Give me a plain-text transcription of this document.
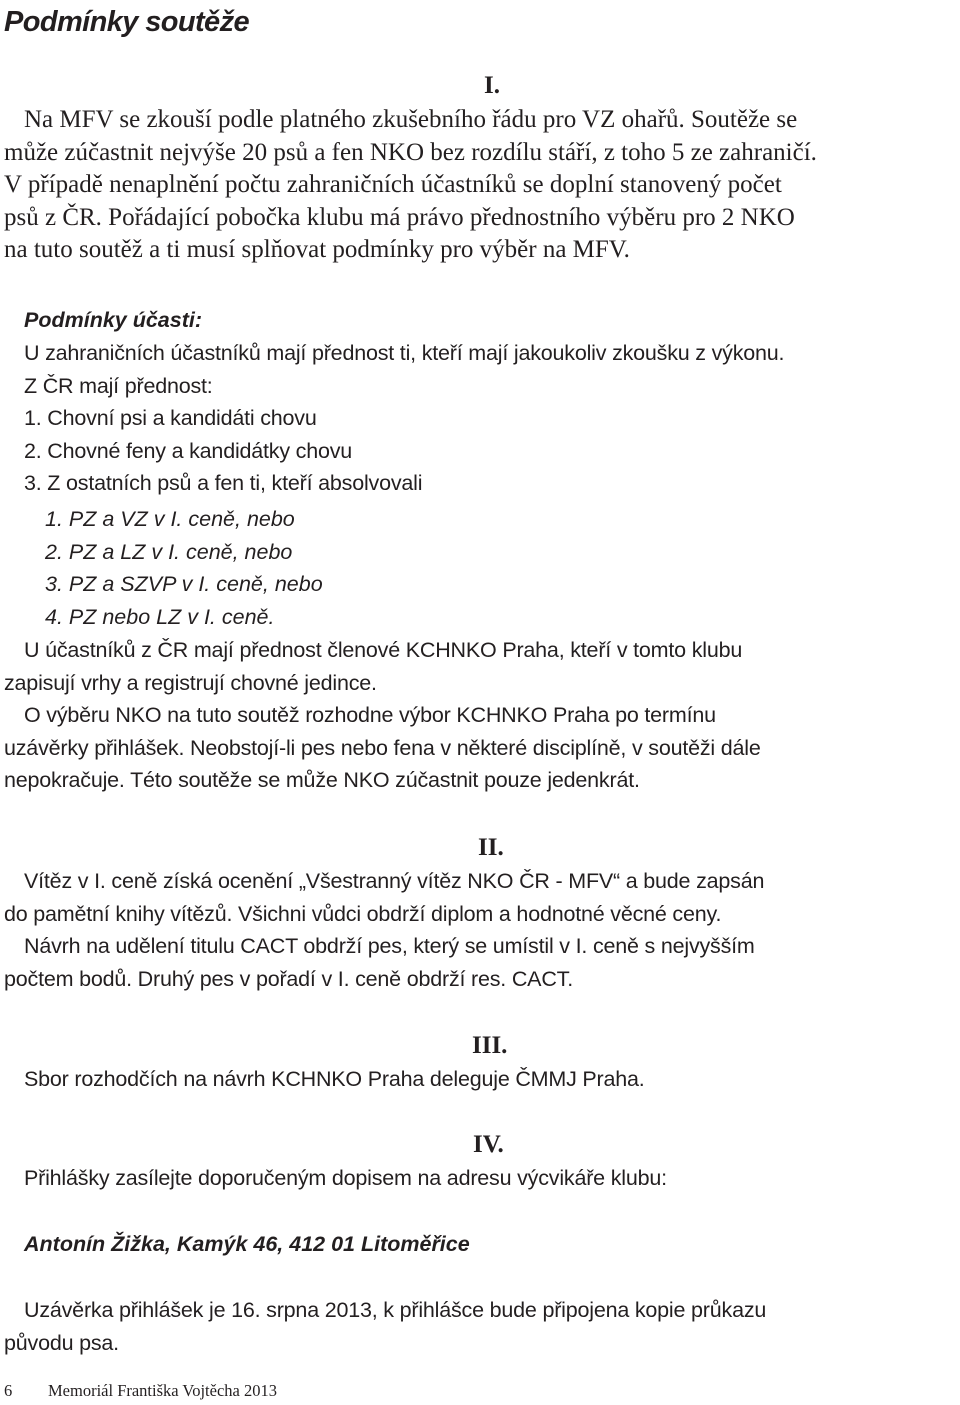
Podmínky soutěže
I.
Na MFV se zkouší podle platného zkušebního řádu pro VZ ohařů. Soutěže se
může zúčastnit nejvýše 20 psů a fen NKO bez rozdílu stáří, z toho 5 ze zahraničí.
V případě nenaplnění počtu zahraničních účastníků se doplní stanovený počet
psů z ČR. Pořádající pobočka klubu má právo přednostního výběru pro 2 NKO
na tuto soutěž a ti musí splňovat podmínky pro výběr na MFV.
Podmínky účasti:
U zahraničních účastníků mají přednost ti, kteří mají jakoukoliv zkoušku z výkonu.
Z ČR mají přednost:
1. Chovní psi a kandidáti chovu
2. Chovné feny a kandidátky chovu
3. Z ostatních psů a fen ti, kteří absolvovali
1. PZ a VZ v I. ceně, nebo
2. PZ a LZ v I. ceně, nebo
3. PZ a SZVP v I. ceně, nebo
4. PZ nebo LZ v I. ceně.
U účastníků z ČR mají přednost členové KCHNKO Praha, kteří v tomto klubu
zapisují vrhy a registrují chovné jedince.
O výběru NKO na tuto soutěž rozhodne výbor KCHNKO Praha po termínu
uzávěrky přihlášek. Neobstojí-li pes nebo fena v některé disciplíně, v soutěži dále
nepokračuje. Této soutěže se může NKO zúčastnit pouze jedenkrát.
II.
Vítěz v I. ceně získá ocenění „Všestranný vítěz NKO ČR - MFV“ a bude zapsán
do pamětní knihy vítězů. Všichni vůdci obdrží diplom a hodnotné věcné ceny.
Návrh na udělení titulu CACT obdrží pes, který se umístil v I. ceně s nejvyšším
počtem bodů. Druhý pes v pořadí v I. ceně obdrží res. CACT.
III.
Sbor rozhodčích na návrh KCHNKO Praha deleguje ČMMJ Praha.
IV.
Přihlášky zasílejte doporučeným dopisem na adresu výcvikáře klubu:
Antonín Žižka, Kamýk 46, 412 01 Litoměřice
Uzávěrka přihlášek je 16. srpna 2013, k přihlášce bude připojena kopie průkazu
původu psa.
6 Memoriál Františka Vojtěcha 2013
